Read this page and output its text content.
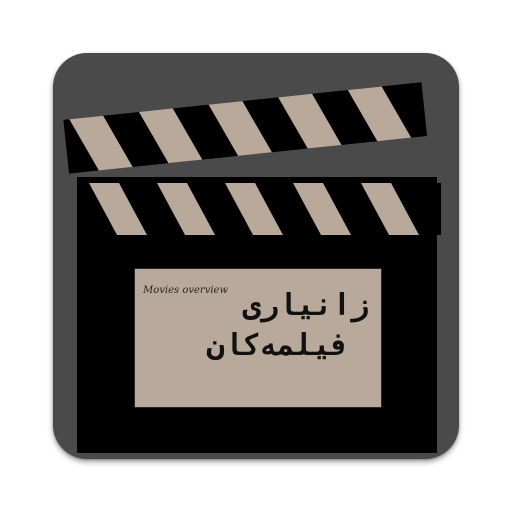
Movies overview زانیاری
فیلمەکان
